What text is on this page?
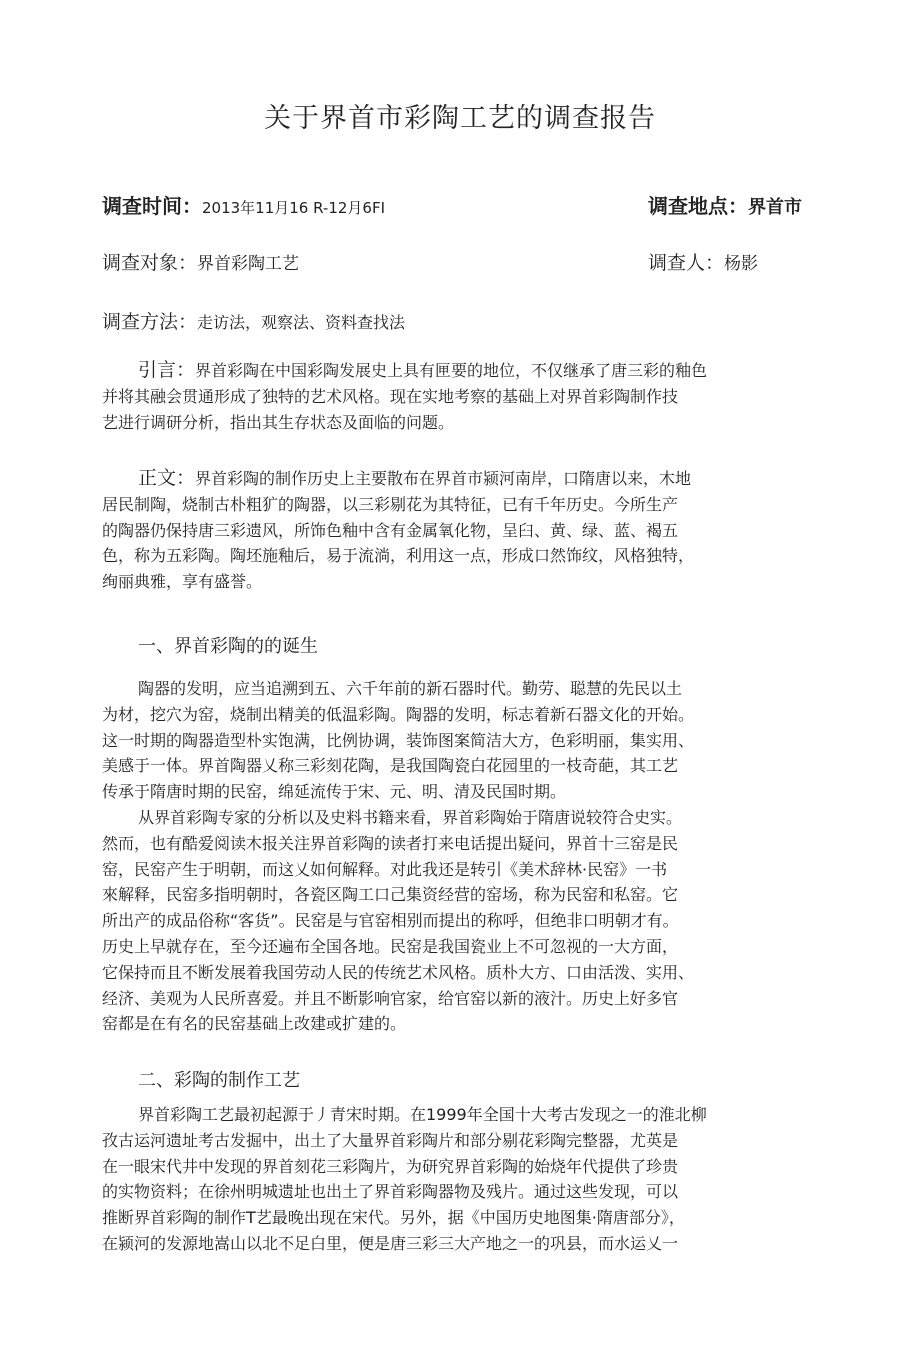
关于界首市彩陶工艺的调查报告
调查时间：2013年11月16 R-12月6FI	调查地点：界首市
调查对象：界首彩陶工艺	调查人：杨影
调查方法：走访法，观察法、资料查找法
引言：界首彩陶在中国彩陶发展史上具有匣要的地位，不仅继承了唐三彩的釉色
并将其融会贯通形成了独特的艺术风格。现在实地考察的基础上对界首彩陶制作技
艺进行调研分析，指出其生存状态及面临的问题。
正文：界首彩陶的制作历史上主要散布在界首市颍河南岸，口隋唐以来，木地
居民制陶，烧制古朴粗犷的陶器，以三彩剔花为其特征，已有千年历史。今所生产
的陶器仍保持唐三彩遗风，所饰色釉中含有金属氧化物，呈臼、黄、绿、蓝、褐五
色，称为五彩陶。陶坯施釉后，易于流淌，利用这一点，形成口然饰纹，风格独特，
绚丽典雅，享有盛誉。
一、界首彩陶的的诞生
陶器的发明，应当追溯到五、六千年前的新石器时代。勤劳、聪慧的先民以土
为材，挖穴为窑，烧制出精美的低温彩陶。陶器的发明，标志着新石器文化的开始。
这一时期的陶器造型朴实饱满，比例协调，装饰图案简洁大方，色彩明丽，集实用、
美感于一体。界首陶器乂称三彩刻花陶，是我国陶瓷白花园里的一枝奇葩，其工艺
传承于隋唐时期的民窑，绵延流传于宋、元、明、清及民国时期。
从界首彩陶专家的分析以及史料书籍来看，界首彩陶始于隋唐说较符合史实。
然而，也有酷爱阅读木报关注界首彩陶的读者打来电话提出疑问，界首十三窑是民
窑，民窑产生于明朝，而这乂如何解释。对此我还是转引《美术辞林·民窑》一书
來解释，民窑多指明朝时，各瓷区陶工口己集资经营的窑场，称为民窑和私窑。它
所出产的成品俗称“客货”。民窑是与官窑相别而提出的称呼，但绝非口明朝才有。
历史上早就存在，至今还遍布全国各地。民窑是我国瓷业上不可忽视的一大方面，
它保持而且不断发展着我国劳动人民的传统艺术风格。质朴大方、口由活泼、实用、
经济、美观为人民所喜爱。并且不断影响官家，给官窑以新的液汁。历史上好多官
窑都是在有名的民窑基础上改建或扩建的。
二、彩陶的制作工艺
界首彩陶工艺最初起源于丿青宋时期。在1999年全国十大考古发现之一的淮北柳
孜古运河遗址考古发掘中，出土了大量界首彩陶片和部分剔花彩陶完整器，尤英是
在一眼宋代井中发现的界首刻花三彩陶片，为研究界首彩陶的始烧年代提供了珍贵
的实物资料；在徐州明城遗址也出土了界首彩陶器物及残片。通过这些发现，可以
推断界首彩陶的制作T艺最晚出现在宋代。另外，据《中国历史地图集·隋唐部分》，
在颍河的发源地嵩山以北不足白里，便是唐三彩三大产地之一的巩县，而水运乂一
